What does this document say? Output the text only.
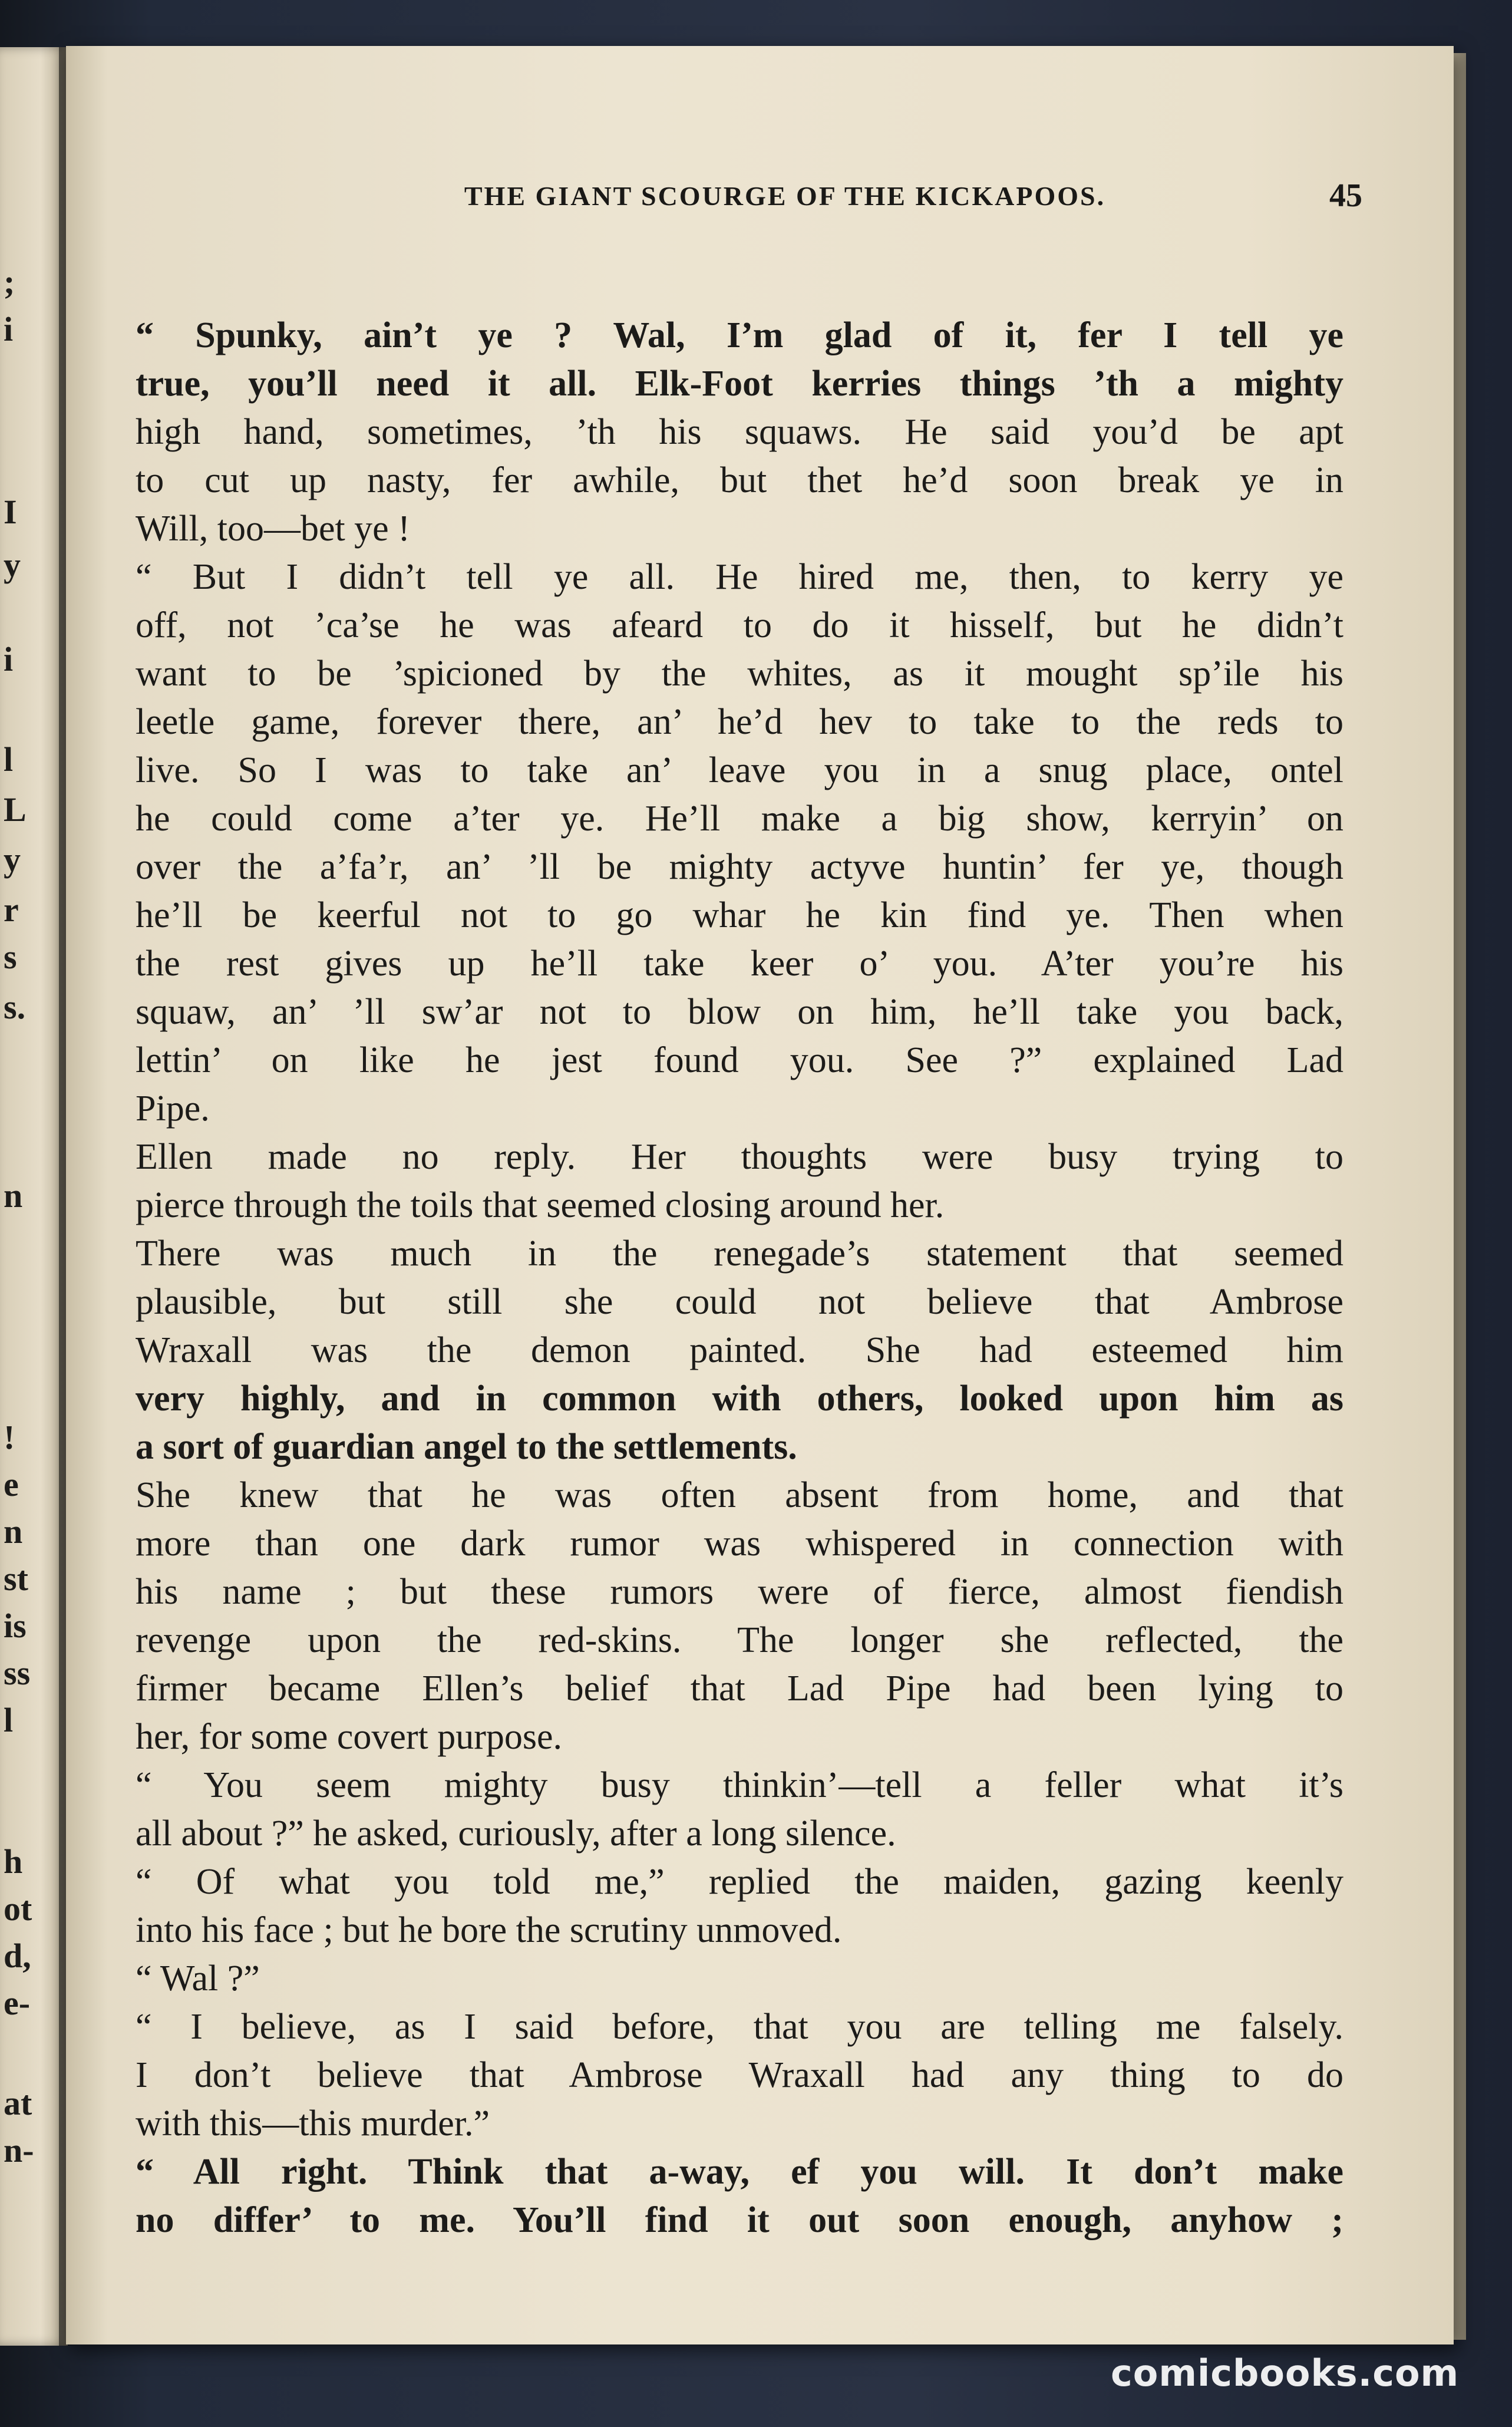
;
i
I
y
i
l
L
y
r
s
s.
n
!
e
n
st
is
ss
l
h
ot
d,
e-
at
n-
THE GIANT SCOURGE OF THE KICKAPOOS.	45
“ Spunky, ain’t ye ? Wal, I’m glad of it, fer I tell ye
true, you’ll need it all. Elk-Foot kerries things ’th a mighty
high hand, sometimes, ’th his squaws. He said you’d be apt
to cut up nasty, fer awhile, but thet he’d soon break ye in
Will, too—bet ye !
“ But I didn’t tell ye all. He hired me, then, to kerry ye
off, not ’ca’se he was afeard to do it hisself, but he didn’t
want to be ’spicioned by the whites, as it mought sp’ile his
leetle game, forever there, an’ he’d hev to take to the reds to
live. So I was to take an’ leave you in a snug place, ontel
he could come a’ter ye. He’ll make a big show, kerryin’ on
over the a’fa’r, an’ ’ll be mighty actyve huntin’ fer ye, though
he’ll be keerful not to go whar he kin find ye. Then when
the rest gives up he’ll take keer o’ you. A’ter you’re his
squaw, an’ ’ll sw’ar not to blow on him, he’ll take you back,
lettin’ on like he jest found you. See ?” explained Lad
Pipe.
Ellen made no reply. Her thoughts were busy trying to
pierce through the toils that seemed closing around her.
There was much in the renegade’s statement that seemed
plausible, but still she could not believe that Ambrose
Wraxall was the demon painted. She had esteemed him
very highly, and in common with others, looked upon him as
a sort of guardian angel to the settlements.
She knew that he was often absent from home, and that
more than one dark rumor was whispered in connection with
his name ; but these rumors were of fierce, almost fiendish
revenge upon the red-skins. The longer she reflected, the
firmer became Ellen’s belief that Lad Pipe had been lying to
her, for some covert purpose.
“ You seem mighty busy thinkin’—tell a feller what it’s
all about ?” he asked, curiously, after a long silence.
“ Of what you told me,” replied the maiden, gazing keenly
into his face ; but he bore the scrutiny unmoved.
“ Wal ?”
“ I believe, as I said before, that you are telling me falsely.
I don’t believe that Ambrose Wraxall had any thing to do
with this—this murder.”
“ All right. Think that a-way, ef you will. It don’t make
no differ’ to me. You’ll find it out soon enough, anyhow ;
comicbooks.com
